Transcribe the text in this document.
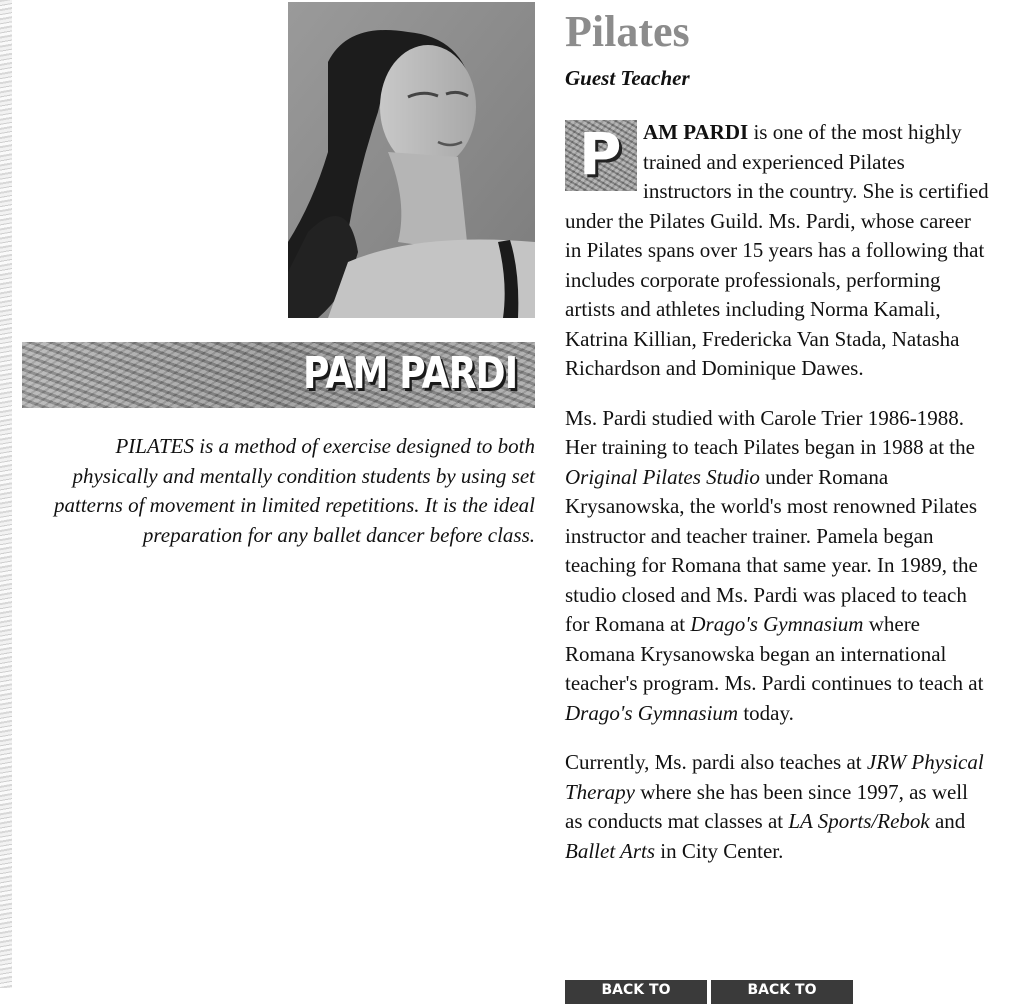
PAM PARDI

PILATES is a method of exercise designed to both physically and mentally condition students by using set patterns of movement in limited repetitions. It is the ideal preparation for any ballet dancer before class.

Pilates
Guest Teacher

P AM PARDI is one of the most highly trained and experienced Pilates instructors in the country. She is certified under the Pilates Guild. Ms. Pardi, whose career in Pilates spans over 15 years has a following that includes corporate professionals, performing artists and athletes including Norma Kamali, Katrina Killian, Fredericka Van Stada, Natasha Richardson and Dominique Dawes.

Ms. Pardi studied with Carole Trier 1986-1988. Her training to teach Pilates began in 1988 at the Original Pilates Studio under Romana Krysanowska, the world's most renowned Pilates instructor and teacher trainer. Pamela began teaching for Romana that same year. In 1989, the studio closed and Ms. Pardi was placed to teach for Romana at Drago's Gymnasium where Romana Krysanowska began an international teacher's program. Ms. Pardi continues to teach at Drago's Gymnasium today.

Currently, Ms. pardi also teaches at JRW Physical Therapy where she has been since 1997, as well as conducts mat classes at LA Sports/Rebok and Ballet Arts in City Center.

BACK TO	BACK TO
